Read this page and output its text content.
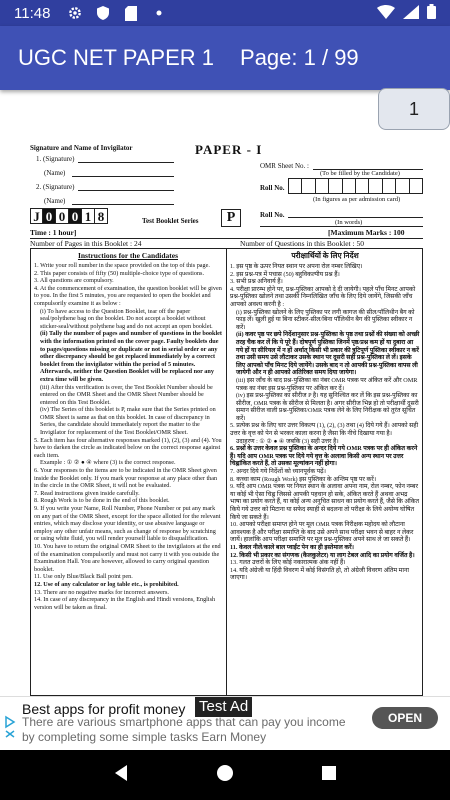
11:48
UGC NET PAPER 1 Page: 1 / 99
1
Signature and Name of Invigilator
1. (Signature)
(Name)
2. (Signature)
(Name)
PAPER - I
OMR Sheet No. :
(To be filled by the Candidate)
Roll No.
(In figures as per admission card)
J 0 0 0 1 8	Test Booklet Series	P	Roll No.
(In words)
Time : 1 hour]	[Maximum Marks : 100
Number of Pages in this Booklet : 24	Number of Questions in this Booklet : 50
Instructions for the Candidates
1. Write your roll number in the space provided on the top of this page.
2. This paper consists of fifty (50) multiple-choice type of questions.
3. All questions are compulsory.
4. At the commencement of examination, the question booklet will be given to you. In the first 5 minutes, you are requested to open the booklet and compulsorily examine it as below :
(i) To have access to the Question Booklet, tear off the paper seal/polythene bag on the booklet. Do not accept a booklet without sticker-seal/without polythene bag and do not accept an open booklet.
(ii) Tally the number of pages and number of questions in the booklet with the information printed on the cover page. Faulty booklets due to pages/questions missing or duplicate or not in serial order or any other discrepancy should be got replaced immediately by a correct booklet from the invigilator within the period of 5 minutes. Afterwards, neither the Question Booklet will be replaced nor any extra time will be given.
(iii) After this verification is over, the Test Booklet Number should be entered on the OMR Sheet and the OMR Sheet Number should be entered on this Test Booklet.
(iv) The Series of this booklet is P, make sure that the Series printed on OMR Sheet is same as that on this booklet. In case of discrepancy in Series, the candidate should immediately report the matter to the Invigilator for replacement of the Test Booklet/OMR Sheet.
5. Each item has four alternative responses marked (1), (2), (3) and (4). You have to darken the circle as indicated below on the correct response against each item.
Example : ① ② ● ④ where (3) is the correct response.
6. Your responses to the items are to be indicated in the OMR Sheet given inside the Booklet only. If you mark your response at any place other than in the circle in the OMR Sheet, it will not be evaluated.
7. Read instructions given inside carefully.
8. Rough Work is to be done in the end of this booklet.
9. If you write your Name, Roll Number, Phone Number or put any mark on any part of the OMR Sheet, except for the space allotted for the relevant entries, which may disclose your identity, or use abusive language or employ any other unfair means, such as change of response by scratching or using white fluid, you will render yourself liable to disqualification.
10. You have to return the original OMR Sheet to the invigilators at the end of the examination compulsorily and must not carry it with you outside the Examination Hall. You are however, allowed to carry original question booklet.
11. Use only Blue/Black Ball point pen.
12. Use of any calculator or log table etc., is prohibited.
13. There are no negative marks for incorrect answers.
14. In case of any discrepancy in the English and Hindi versions, English version will be taken as final.
परीक्षार्थियों के लिए निर्देश
1. इस पृष्ठ के ऊपर नियत स्थान पर अपना रोल नम्बर लिखिए।
2. इस प्रश्न-पत्र में पचास (50) बहुविकल्पीय प्रश्न हैं।
3. सभी प्रश्न अनिवार्य हैं।
4. परीक्षा प्रारम्भ होने पर, प्रश्न-पुस्तिका आपको दे दी जायेगी। पहले पाँच मिनट आपको प्रश्न-पुस्तिका खोलने तथा उसकी निम्नलिखित जाँच के लिए दिये जायेंगे, जिसकी जाँच आपको अवश्य करनी है :
(i) प्रश्न-पुस्तिका खोलने के लिए पुस्तिका पर लगी कागज की सील/पॉलिथीन बैग को फाड़ लें। खुली हुई या बिना स्टीकर-सील/बिना पॉलिथीन बैग की पुस्तिका स्वीकार न करें।
(ii) कवर पृष्ठ पर छपे निर्देशानुसार प्रश्न-पुस्तिका के पृष्ठ तथा प्रश्नों की संख्या को अच्छी तरह चैक कर लें कि ये पूरे हैं। दोषपूर्ण पुस्तिका जिनमें पृष्ठ/प्रश्न कम हों या दुबारा आ गये हों या सीरियल में न हों अर्थात् किसी भी प्रकार की त्रुटिपूर्ण पुस्तिका स्वीकार न करें तथा उसी समय उसे लौटाकर उसके स्थान पर दूसरी सही प्रश्न-पुस्तिका ले लें। इसके लिए आपको पाँच मिनट दिये जायेंगे। उसके बाद न तो आपकी प्रश्न-पुस्तिका वापस ली जायेगी और न ही आपको अतिरिक्त समय दिया जायेगा।
(iii) इस जाँच के बाद प्रश्न-पुस्तिका का नंबर OMR पत्रक पर अंकित करें और OMR पत्रक का नंबर इस प्रश्न-पुस्तिका पर अंकित कर दें।
(iv) इस प्रश्न-पुस्तिका का सीरीज P है। यह सुनिश्चित कर लें कि इस प्रश्न-पुस्तिका का सीरीज, OMR पत्रक के सीरीज से मिलता है। अगर सीरीज भिन्न हो तो परीक्षार्थी दूसरी समान सीरीज वाली प्रश्न-पुस्तिका/OMR पत्रक लेने के लिए निरीक्षक को तुरंत सूचित करें।
5. प्रत्येक प्रश्न के लिए चार उत्तर विकल्प (1), (2), (3) तथा (4) दिये गये हैं। आपको सही उत्तर के वृत्त को पेन से भरकर काला करना है जैसा कि नीचे दिखाया गया है।
उदाहरण : ① ② ● ④ जबकि (3) सही उत्तर है।
6. प्रश्नों के उत्तर केवल प्रश्न पुस्तिका के अन्दर दिये गये OMR पत्रक पर ही अंकित करने हैं। यदि आप OMR पत्रक पर दिये गये वृत्त के अलावा किसी अन्य स्थान पर उत्तर चिह्नांकित करते हैं, तो उसका मूल्यांकन नहीं होगा।
7. अन्दर दिये गये निर्देशों को ध्यानपूर्वक पढ़ें।
8. कच्चा काम (Rough Work) इस पुस्तिका के अन्तिम पृष्ठ पर करें।
9. यदि आप OMR पत्रक पर नियत स्थान के अलावा अपना नाम, रोल नम्बर, फोन नम्बर या कोई भी ऐसा चिह्न जिससे आपकी पहचान हो सके, अंकित करते हैं अथवा अभद्र भाषा का प्रयोग करते हैं, या कोई अन्य अनुचित साधन का प्रयोग करते हैं, जैसे कि अंकित किये गये उत्तर को मिटाना या सफेद स्याही से बदलना तो परीक्षा के लिये अयोग्य घोषित किये जा सकते हैं।
10. आपको परीक्षा समाप्त होने पर मूल OMR पत्रक निरीक्षक महोदय को लौटाना आवश्यक है और परीक्षा समाप्ति के बाद उसे अपने साथ परीक्षा भवन से बाहर न लेकर जायें। हालांकि आप परीक्षा समाप्ति पर मूल प्रश्न-पुस्तिका अपने साथ ले जा सकते हैं।
11. केवल नीले/काले बाल प्वाईंट पेन का ही इस्तेमाल करें।
12. किसी भी प्रकार का संगणक (कैलकुलेटर) या लाग टेबल आदि का प्रयोग वर्जित है।
13. गलत उत्तरों के लिए कोई नकारात्मक अंक नहीं हैं।
14. यदि अंग्रेजी या हिंदी विवरण में कोई विसंगति हो, तो अंग्रेजी विवरण अंतिम माना जाएगा।
Best apps for profit money Test Ad
There are various smartphone apps that can pay you income by completing some simple tasks Earn Money
OPEN
